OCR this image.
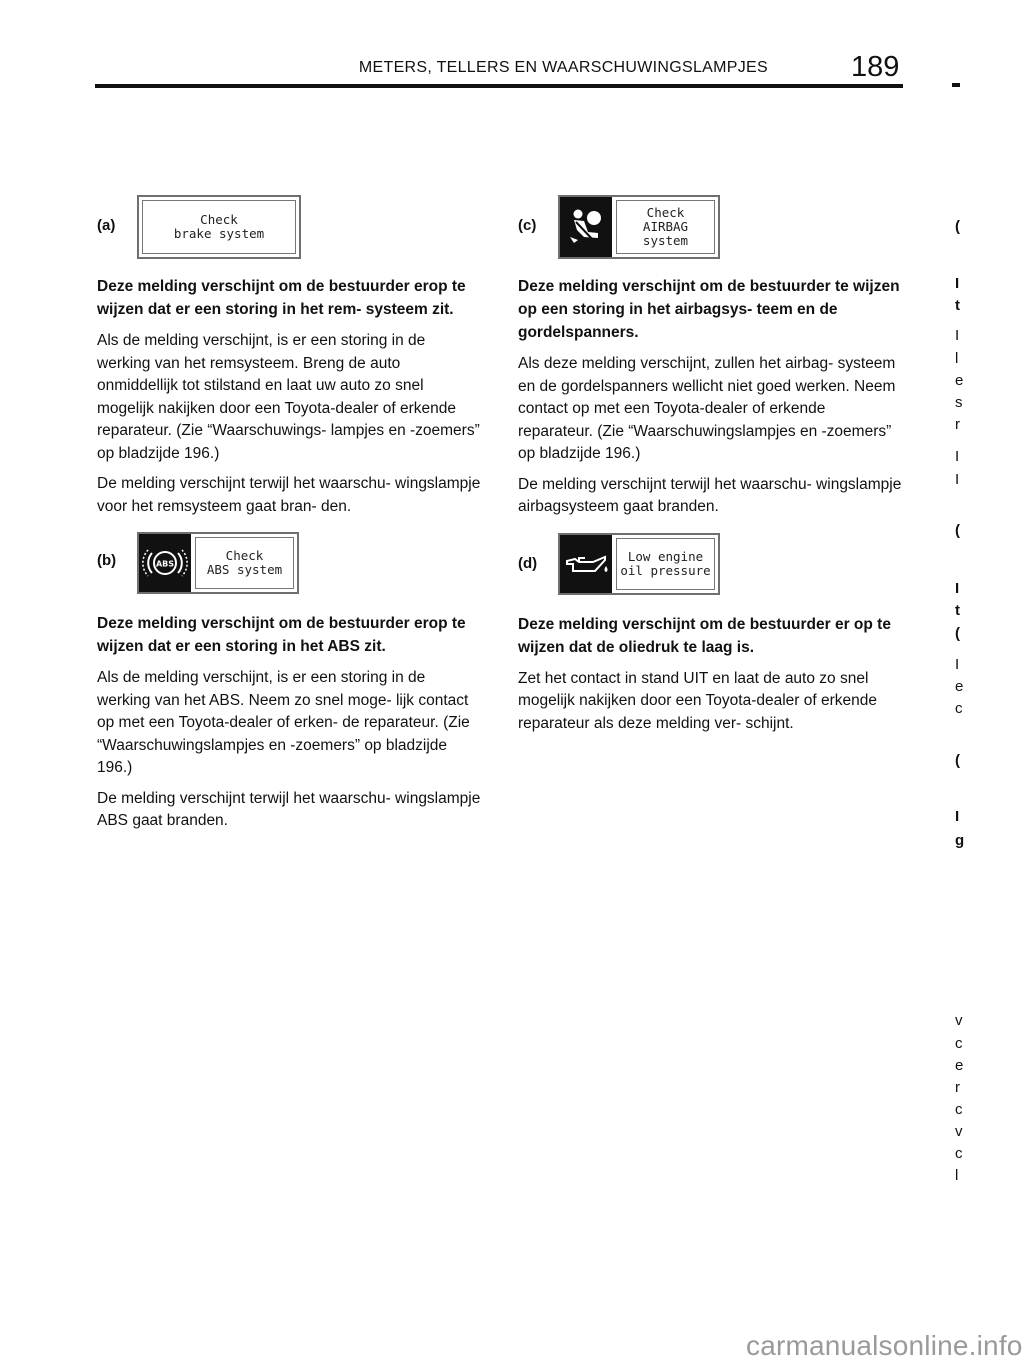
METERS, TELLERS EN WAARSCHUWINGSLAMPJES	189
(a)	Check
brake system
Deze melding verschijnt om de bestuurder erop te wijzen dat er een storing in het rem- systeem zit.

Als de melding verschijnt, is er een storing in de werking van het remsysteem. Breng de auto onmiddellijk tot stilstand en laat uw auto zo snel mogelijk nakijken door een Toyota-dealer of erkende reparateur. (Zie “Waarschuwings- lampjes en -zoemers” op bladzijde 196.)

De melding verschijnt terwijl het waarschu- wingslampje voor het remsysteem gaat bran- den.

(b)	ABS
Check
ABS system
Deze melding verschijnt om de bestuurder erop te wijzen dat er een storing in het ABS zit.

Als de melding verschijnt, is er een storing in de werking van het ABS. Neem zo snel moge- lijk contact op met een Toyota-dealer of erken- de reparateur. (Zie “Waarschuwingslampjes en -zoemers” op bladzijde 196.)

De melding verschijnt terwijl het waarschu- wingslampje ABS gaat branden.

(c)
Check
AIRBAG
system
Deze melding verschijnt om de bestuurder te wijzen op een storing in het airbagsys- teem en de gordelspanners.

Als deze melding verschijnt, zullen het airbag- systeem en de gordelspanners wellicht niet goed werken. Neem contact op met een Toyota-dealer of erkende reparateur. (Zie “Waarschuwingslampjes en -zoemers” op bladzijde 196.)

De melding verschijnt terwijl het waarschu- wingslampje airbagsysteem gaat branden.

(d)	Low engine
oil pressure
Deze melding verschijnt om de bestuurder er op te wijzen dat de oliedruk te laag is.

Zet het contact in stand UIT en laat de auto zo snel mogelijk nakijken door een Toyota-dealer of erkende reparateur als deze melding ver- schijnt.

(
I
t
I
l
e
s
r
I
I
(
I
t
(
I
e
c
(
I
g
v
c
e
r
c
v
c
l
carmanualsonline.info
